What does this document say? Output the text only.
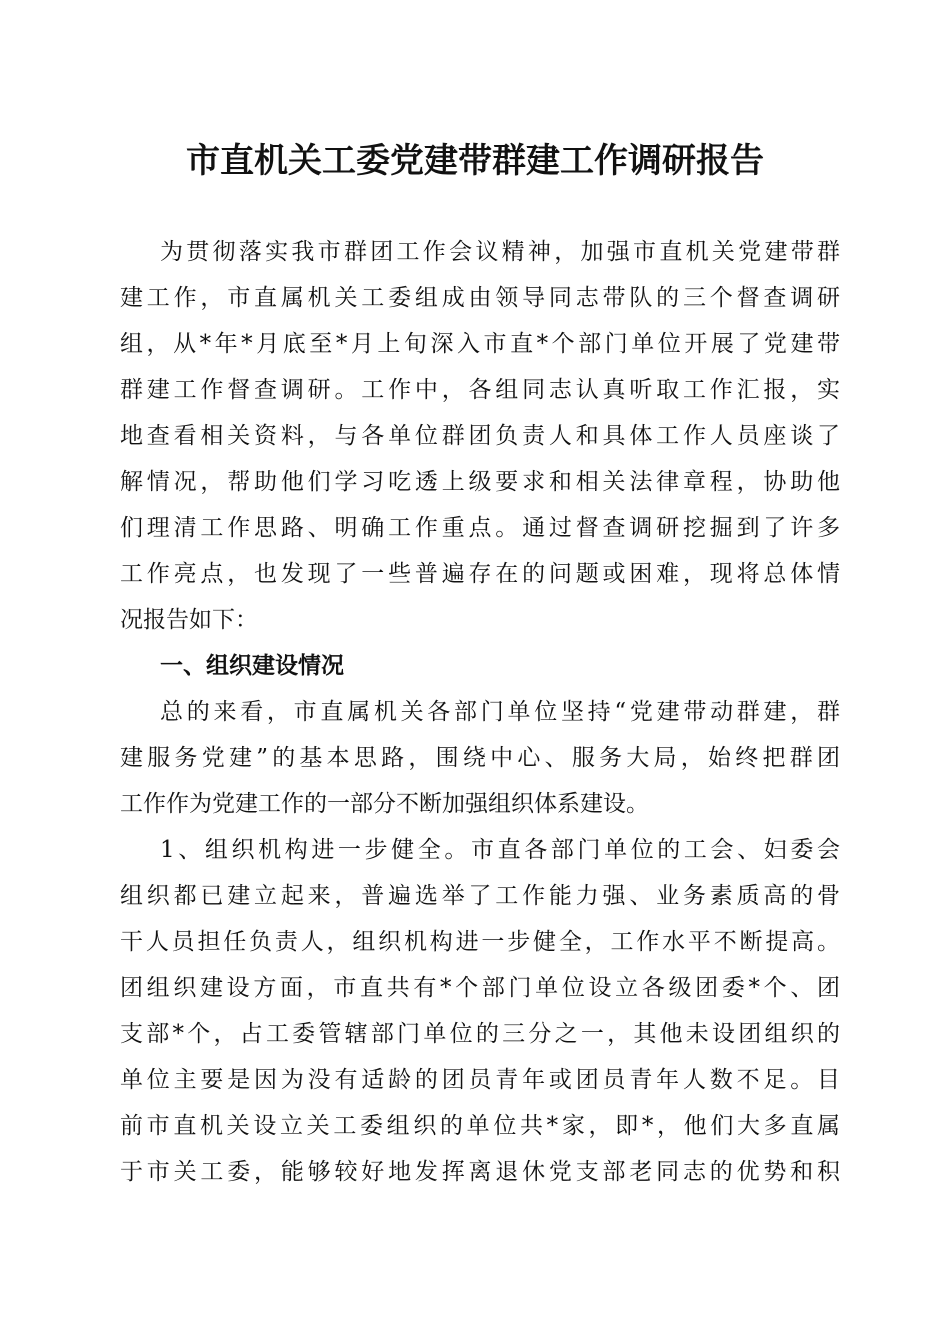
市直机关工委党建带群建工作调研报告
为贯彻落实我市群团工作会议精神，加强市直机关党建带群
建工作，市直属机关工委组成由领导同志带队的三个督查调研
组，从*年*月底至*月上旬深入市直*个部门单位开展了党建带
群建工作督查调研。工作中，各组同志认真听取工作汇报，实
地查看相关资料，与各单位群团负责人和具体工作人员座谈了
解情况，帮助他们学习吃透上级要求和相关法律章程，协助他
们理清工作思路、明确工作重点。通过督查调研挖掘到了许多
工作亮点，也发现了一些普遍存在的问题或困难，现将总体情
况报告如下：
一、组织建设情况
总的来看，市直属机关各部门单位坚持“党建带动群建，群
建服务党建”的基本思路，围绕中心、服务大局，始终把群团
工作作为党建工作的一部分不断加强组织体系建设。
1、组织机构进一步健全。市直各部门单位的工会、妇委会
组织都已建立起来，普遍选举了工作能力强、业务素质高的骨
干人员担任负责人，组织机构进一步健全，工作水平不断提高。
团组织建设方面，市直共有*个部门单位设立各级团委*个、团
支部*个，占工委管辖部门单位的三分之一，其他未设团组织的
单位主要是因为没有适龄的团员青年或团员青年人数不足。目
前市直机关设立关工委组织的单位共*家，即*，他们大多直属
于市关工委，能够较好地发挥离退休党支部老同志的优势和积
